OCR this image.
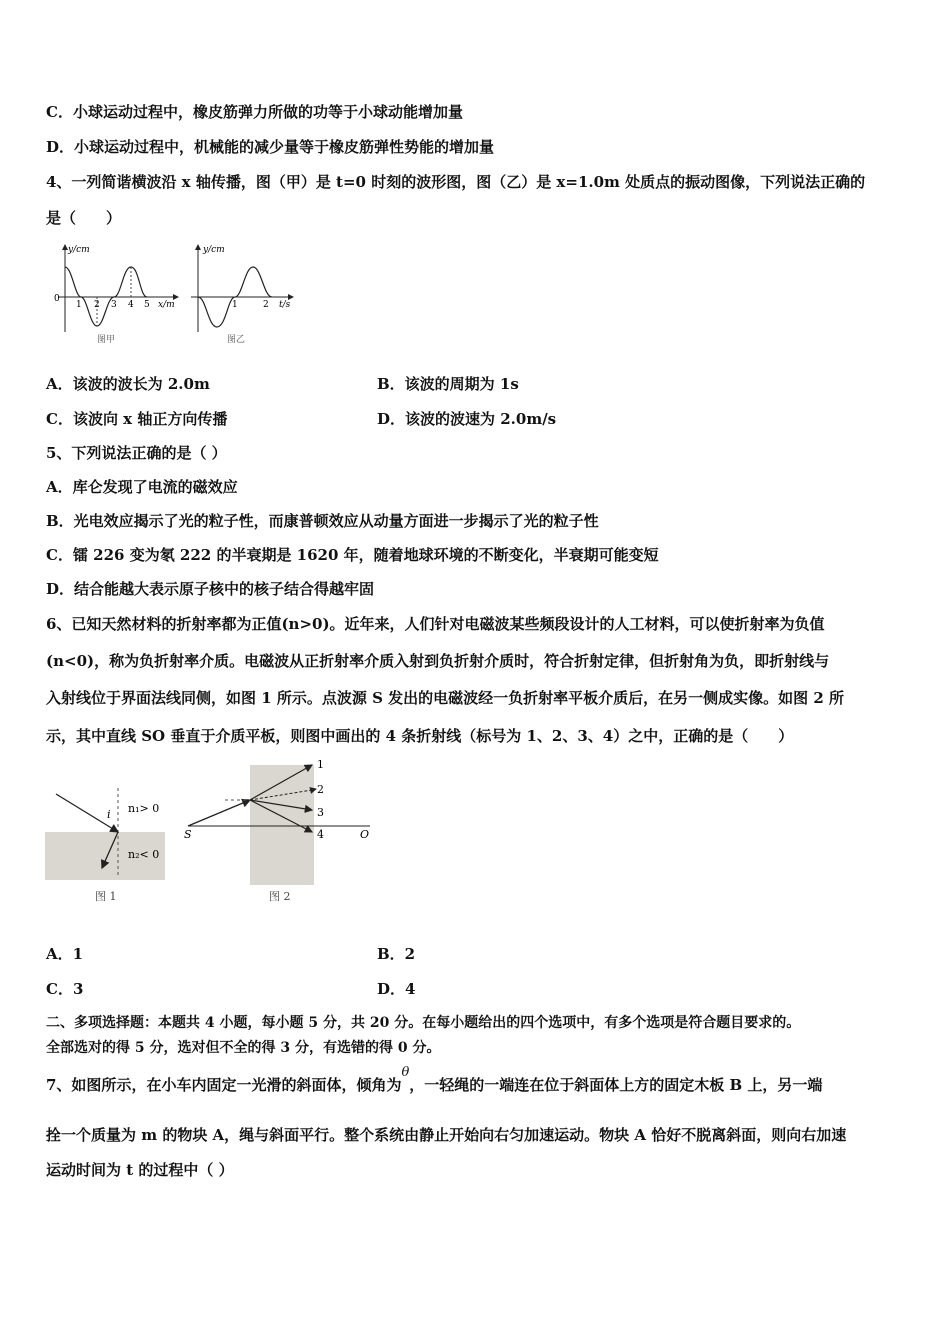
C．小球运动过程中，橡皮筋弹力所做的功等于小球动能增加量
D．小球运动过程中，机械能的减少量等于橡皮筋弹性势能的增加量
4、一列简谐横波沿 x 轴传播，图（甲）是 t=0 时刻的波形图，图（乙）是 x=1.0m 处质点的振动图像，下列说法正确的
是（　　）
y/cm
0
1 2 3 4 5 x/m
图甲
y/cm
1	2 t/s
图乙
A．该波的波长为 2.0m	B．该波的周期为 1s
C．该波向 x 轴正方向传播	D．该波的波速为 2.0m/s
5、下列说法正确的是（ ）
A．库仑发现了电流的磁效应
B．光电效应揭示了光的粒子性，而康普顿效应从动量方面进一步揭示了光的粒子性
C．镭 226 变为氡 222 的半衰期是 1620 年，随着地球环境的不断变化，半衰期可能变短
D．结合能越大表示原子核中的核子结合得越牢固
6、已知天然材料的折射率都为正值(n>0)。近年来，人们针对电磁波某些频段设计的人工材料，可以使折射率为负值
(n<0)，称为负折射率介质。电磁波从正折射率介质入射到负折射介质时，符合折射定律，但折射角为负，即折射线与
入射线位于界面法线同侧，如图 1 所示。点波源 S 发出的电磁波经一负折射率平板介质后，在另一侧成实像。如图 2 所
示，其中直线 SO 垂直于介质平板，则图中画出的 4 条折射线（标号为 1、2、3、4）之中，正确的是（　　）
i n₁> 0
n₂< 0
图 1
S	O
1
2
3
4
图 2
A．1	B．2
C．3	D．4
二、多项选择题：本题共 4 小题，每小题 5 分，共 20 分。在每小题给出的四个选项中，有多个选项是符合题目要求的。
全部选对的得 5 分，选对但不全的得 3 分，有选错的得 0 分。
7、如图所示，在小车内固定一光滑的斜面体，倾角为θ，一轻绳的一端连在位于斜面体上方的固定木板 B 上，另一端
拴一个质量为 m 的物块 A，绳与斜面平行。整个系统由静止开始向右匀加速运动。物块 A 恰好不脱离斜面，则向右加速
运动时间为 t 的过程中（ ）
